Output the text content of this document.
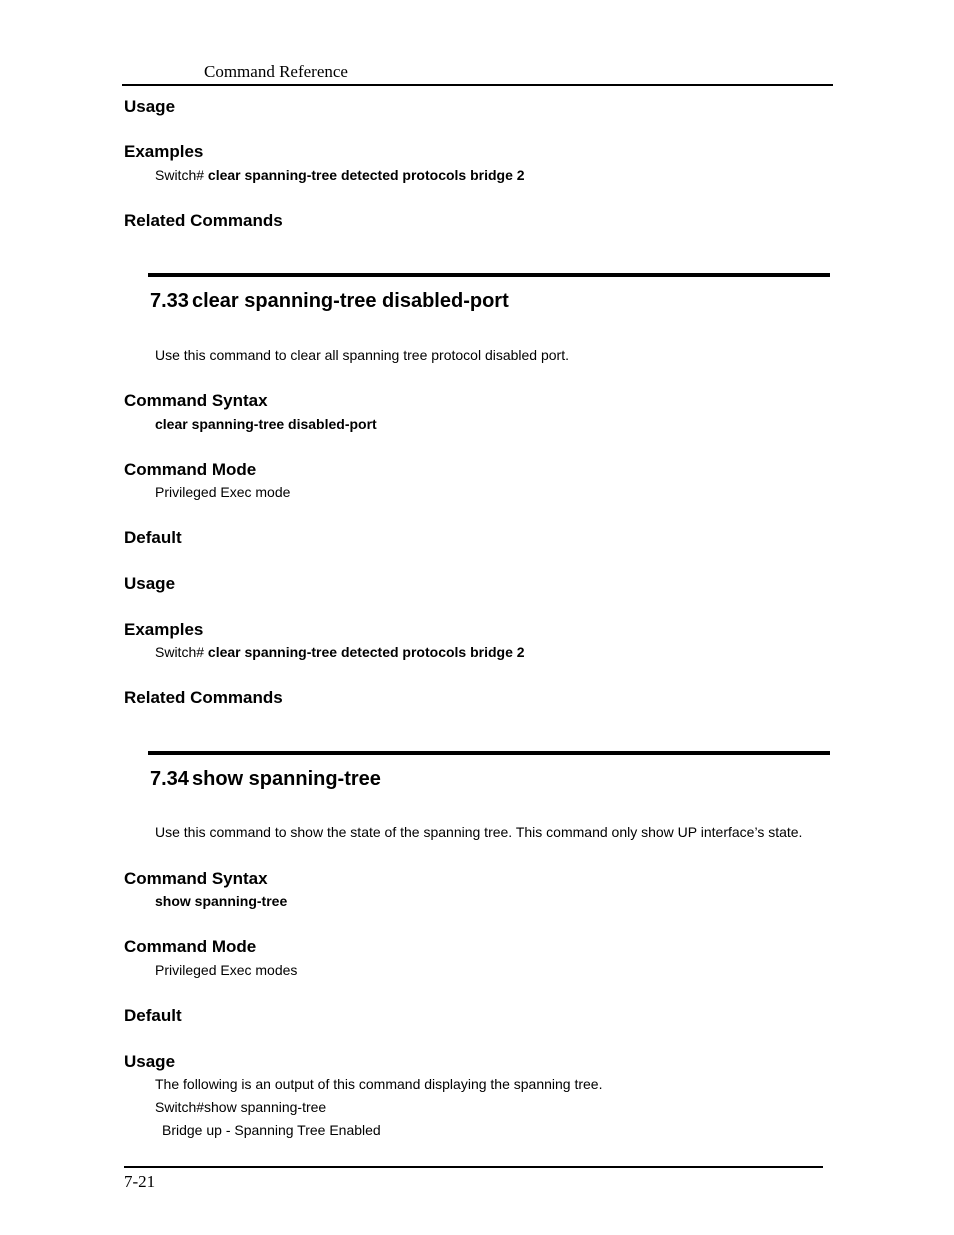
Command Reference
Usage
Examples
Switch# clear spanning-tree detected protocols bridge 2
Related Commands
7.33 clear spanning-tree disabled-port
Use this command to clear all spanning tree protocol disabled port.
Command Syntax
clear spanning-tree disabled-port
Command Mode
Privileged Exec mode
Default
Usage
Examples
Switch# clear spanning-tree detected protocols bridge 2
Related Commands
7.34 show spanning-tree
Use this command to show the state of the spanning tree. This command only show UP interface’s state.
Command Syntax
show spanning-tree
Command Mode
Privileged Exec modes
Default
Usage
The following is an output of this command displaying the spanning tree.
Switch#show spanning-tree
Bridge up - Spanning Tree Enabled
7-21
